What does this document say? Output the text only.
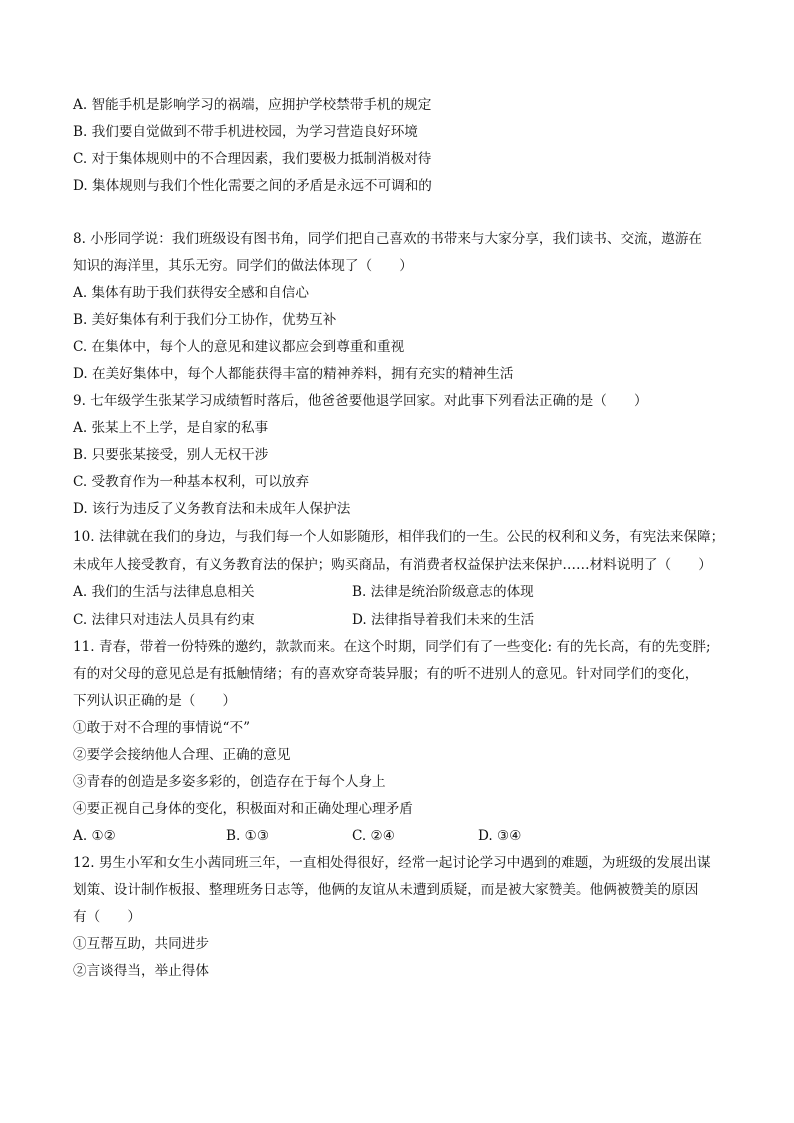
A. 智能手机是影响学习的祸端，应拥护学校禁带手机的规定

B. 我们要自觉做到不带手机进校园，为学习营造良好环境

C. 对于集体规则中的不合理因素，我们要极力抵制消极对待

D. 集体规则与我们个性化需要之间的矛盾是永远不可调和的

8. 小彤同学说：我们班级设有图书角，同学们把自己喜欢的书带来与大家分享，我们读书、交流，遨游在

知识的海洋里，其乐无穷。同学们的做法体现了（　　）

A. 集体有助于我们获得安全感和自信心

B. 美好集体有利于我们分工协作，优势互补

C. 在集体中，每个人的意见和建议都应会到尊重和重视

D. 在美好集体中，每个人都能获得丰富的精神养料，拥有充实的精神生活

9. 七年级学生张某学习成绩暂时落后，他爸爸要他退学回家。对此事下列看法正确的是（　　）

A. 张某上不上学，是自家的私事

B. 只要张某接受，别人无权干涉

C. 受教育作为一种基本权利，可以放弃

D. 该行为违反了义务教育法和未成年人保护法

10. 法律就在我们的身边，与我们每一个人如影随形，相伴我们的一生。公民的权利和义务，有宪法来保障；

未成年人接受教育，有义务教育法的保护；购买商品，有消费者权益保护法来保护……材料说明了（　　）

A. 我们的生活与法律息息相关	B. 法律是统治阶级意志的体现

C. 法律只对违法人员具有约束	D. 法律指导着我们未来的生活

11. 青春，带着一份特殊的邀约，款款而来。在这个时期，同学们有了一些变化: 有的先长高，有的先变胖;

有的对父母的意见总是有抵触情绪；有的喜欢穿奇装异服；有的听不进别人的意见。针对同学们的变化，

下列认识正确的是（　　）

①敢于对不合理的事情说“不”

②要学会接纳他人合理、正确的意见

③青春的创造是多姿多彩的，创造存在于每个人身上

④要正视自己身体的变化，积极面对和正确处理心理矛盾

A. ①②	B. ①③	C. ②④	D. ③④

12. 男生小军和女生小茜同班三年，一直相处得很好，经常一起讨论学习中遇到的难题，为班级的发展出谋

划策、设计制作板报、整理班务日志等，他俩的友谊从未遭到质疑，而是被大家赞美。他俩被赞美的原因

有（　　）

①互帮互助，共同进步

②言谈得当，举止得体
